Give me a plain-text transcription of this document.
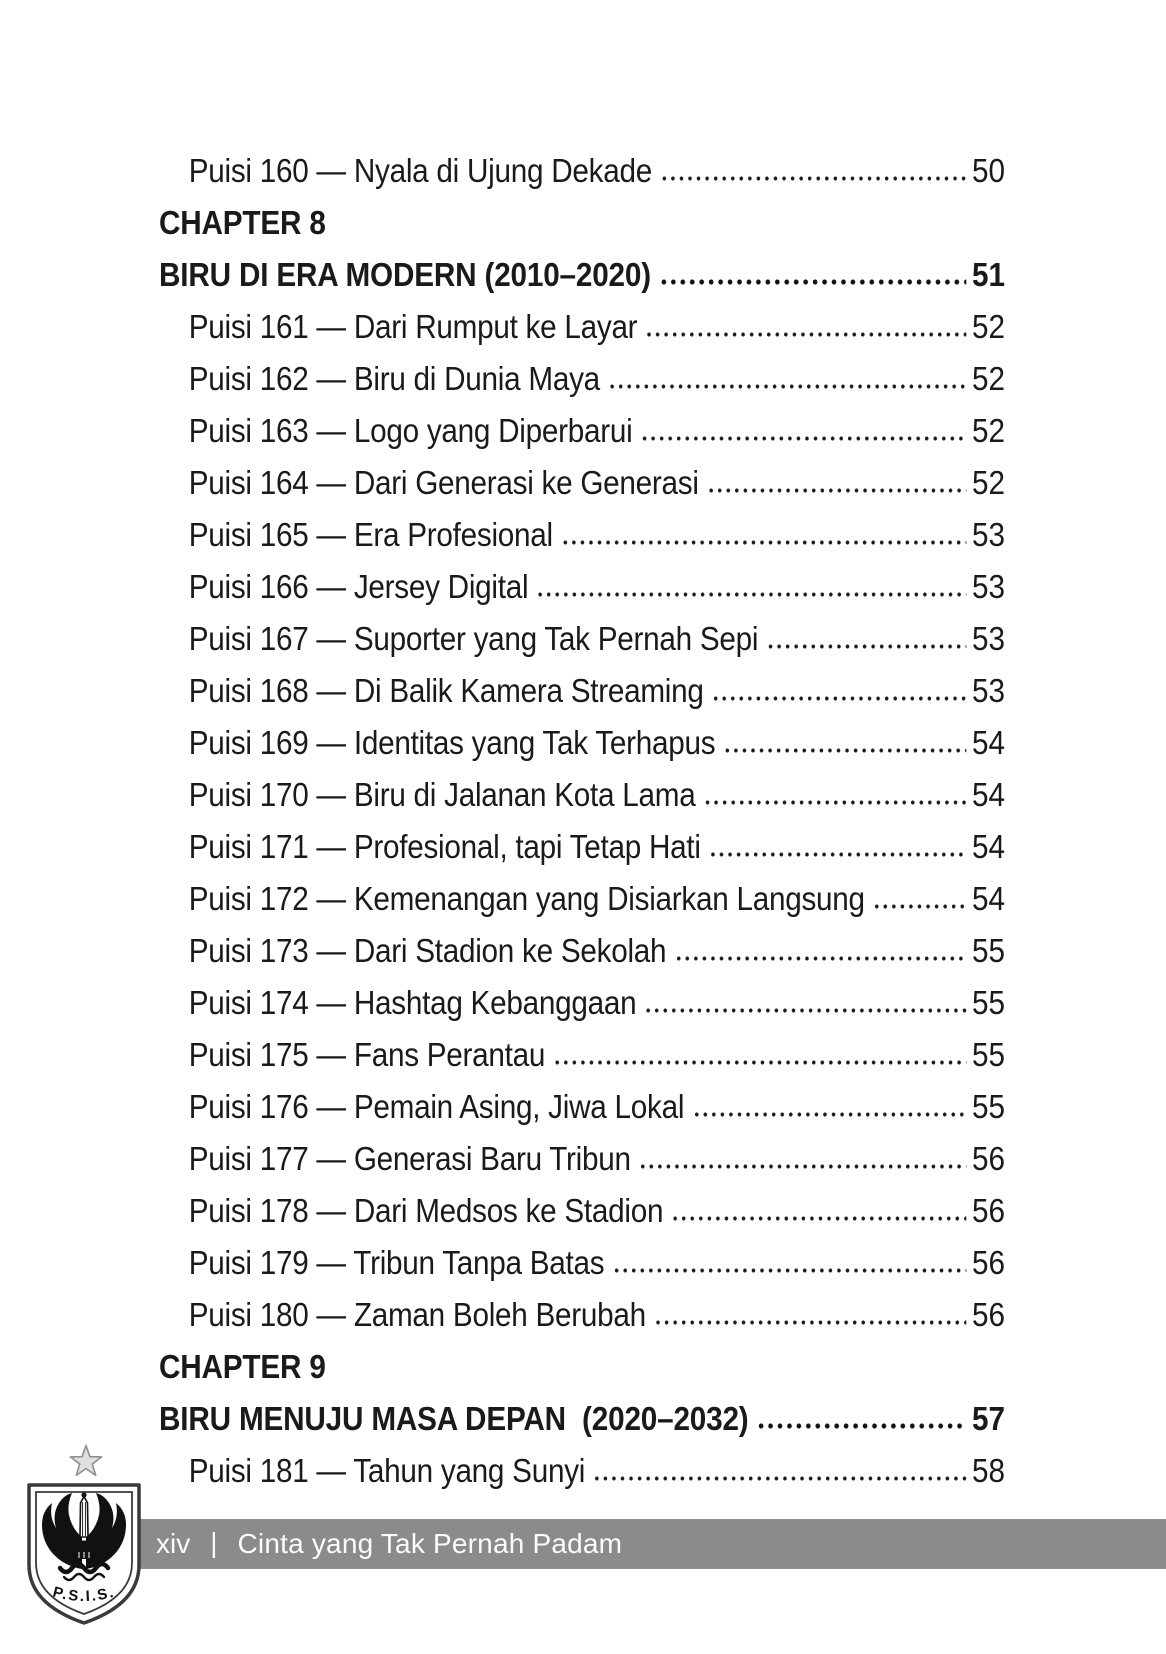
Puisi 160 — Nyala di Ujung Dekade	50
CHAPTER 8
BIRU DI ERA MODERN (2010–2020)	51
Puisi 161 — Dari Rumput ke Layar	52
Puisi 162 — Biru di Dunia Maya	52
Puisi 163 — Logo yang Diperbarui	52
Puisi 164 — Dari Generasi ke Generasi	52
Puisi 165 — Era Profesional	53
Puisi 166 — Jersey Digital	53
Puisi 167 — Suporter yang Tak Pernah Sepi	53
Puisi 168 — Di Balik Kamera Streaming	53
Puisi 169 — Identitas yang Tak Terhapus	54
Puisi 170 — Biru di Jalanan Kota Lama	54
Puisi 171 — Profesional, tapi Tetap Hati	54
Puisi 172 — Kemenangan yang Disiarkan Langsung	54
Puisi 173 — Dari Stadion ke Sekolah	55
Puisi 174 — Hashtag Kebanggaan	55
Puisi 175 — Fans Perantau	55
Puisi 176 — Pemain Asing, Jiwa Lokal	55
Puisi 177 — Generasi Baru Tribun	56
Puisi 178 — Dari Medsos ke Stadion	56
Puisi 179 — Tribun Tanpa Batas	56
Puisi 180 — Zaman Boleh Berubah	56
CHAPTER 9
BIRU MENUJU MASA DEPAN  (2020–2032)	57
Puisi 181 — Tahun yang Sunyi	58
xiv | Cinta yang Tak Pernah Padam
P.S.I.S.
